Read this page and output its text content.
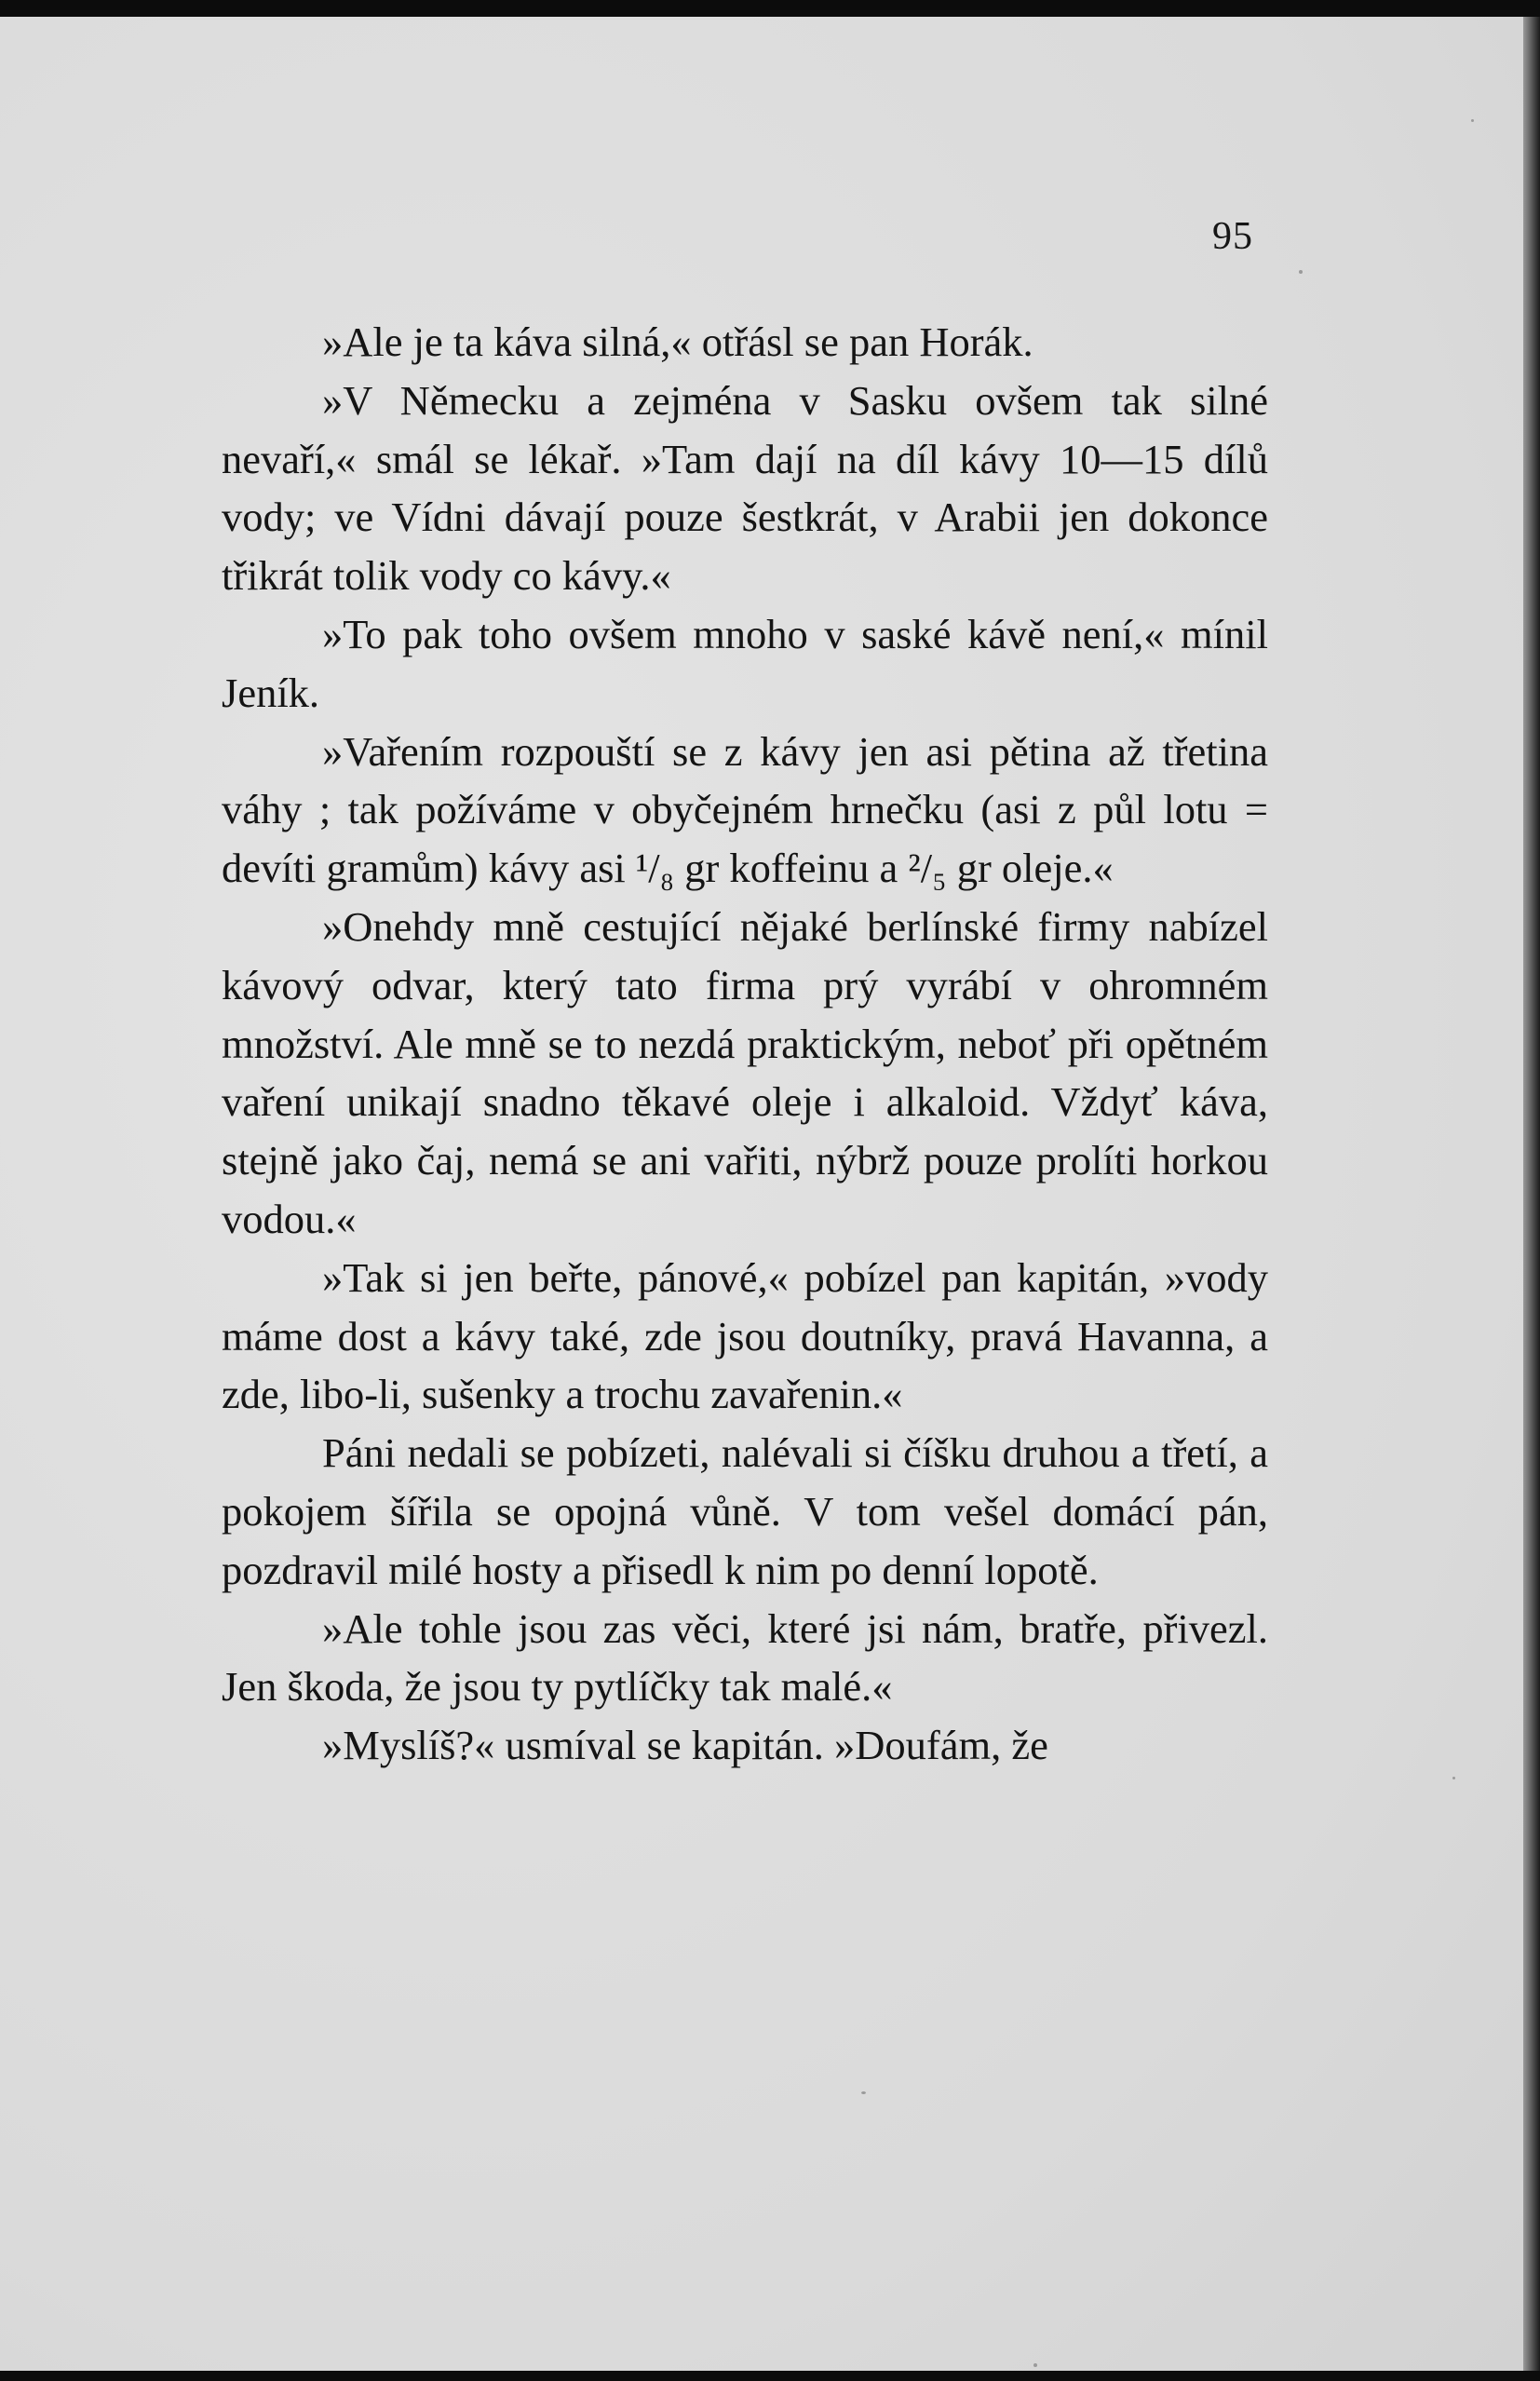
95

»Ale je ta káva silná,« otřásl se pan Horák.

»V Německu a zejména v Sasku ovšem tak silné nevaří,« smál se lékař. »Tam dají na díl kávy 10—15 dílů vody; ve Vídni dávají pouze šestkrát, v Arabii jen dokonce třikrát tolik vody co kávy.«

»To pak toho ovšem mnoho v saské kávě není,« mínil Jeník.

»Vařením rozpouští se z kávy jen asi pětina až třetina váhy ; tak požíváme v obyčejném hrnečku (asi z půl lotu = devíti gramům) kávy asi ¹/₈ gr koffeinu a ²/₅ gr oleje.«

»Onehdy mně cestující nějaké berlínské firmy nabízel kávový odvar, který tato firma prý vyrábí v ohromném množství. Ale mně se to nezdá praktickým, neboť při opětném vaření unikají snadno těkavé oleje i alkaloid. Vždyť káva, stejně jako čaj, nemá se ani vařiti, nýbrž pouze prolíti horkou vodou.«

»Tak si jen beřte, pánové,« pobízel pan kapitán, »vody máme dost a kávy také, zde jsou doutníky, pravá Havanna, a zde, libo-li, sušenky a trochu zavařenin.«

Páni nedali se pobízeti, nalévali si číšku druhou a třetí, a pokojem šířila se opojná vůně. V tom vešel domácí pán, pozdravil milé hosty a přisedl k nim po denní lopotě.

»Ale tohle jsou zas věci, které jsi nám, bratře, přivezl. Jen škoda, že jsou ty pytlíčky tak malé.«

»Myslíš?« usmíval se kapitán. »Doufám, že
